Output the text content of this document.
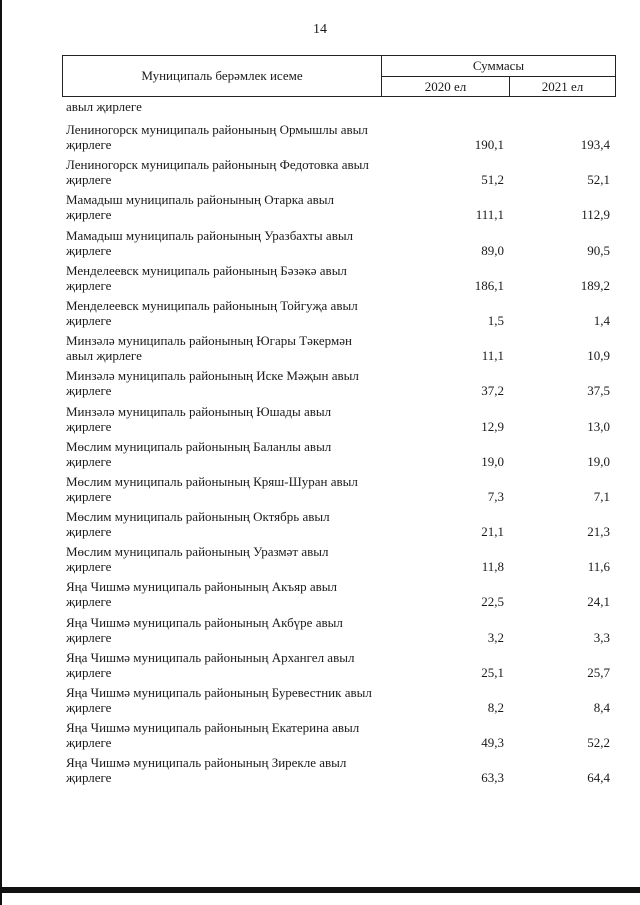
14
Муниципаль берәмлек исеме
Суммасы
2020 ел	2021 ел
авыл җирлеге
Лениногорск муниципаль районының Ормышлы авыл
җирлеге	190,1	193,4
Лениногорск муниципаль районының Федотовка авыл
җирлеге	51,2	52,1
Мамадыш муниципаль районының Отарка авыл
җирлеге	111,1	112,9
Мамадыш муниципаль районының Уразбахты авыл
җирлеге	89,0	90,5
Менделеевск муниципаль районының Бәзәкә авыл
җирлеге	186,1	189,2
Менделеевск муниципаль районының Тойгуҗа авыл
җирлеге	1,5	1,4
Минзәлә муниципаль районының Югары Тәкермән
авыл җирлеге	11,1	10,9
Минзәлә муниципаль районының Иске Мәҗын авыл
җирлеге	37,2	37,5
Минзәлә муниципаль районының Юшады авыл
җирлеге	12,9	13,0
Мөслим муниципаль районының Баланлы авыл
җирлеге	19,0	19,0
Мөслим муниципаль районының Кряш-Шуран авыл
җирлеге	7,3	7,1
Мөслим муниципаль районының Октябрь авыл
җирлеге	21,1	21,3
Мөслим муниципаль районының Уразмәт авыл
җирлеге	11,8	11,6
Яңа Чишмә муниципаль районының Акъяр авыл
җирлеге	22,5	24,1
Яңа Чишмә муниципаль районының Акбүре авыл
җирлеге	3,2	3,3
Яңа Чишмә муниципаль районының Архангел авыл
җирлеге	25,1	25,7
Яңа Чишмә муниципаль районының Буревестник авыл
җирлеге	8,2	8,4
Яңа Чишмә муниципаль районының Екатерина авыл
җирлеге	49,3	52,2
Яңа Чишмә муниципаль районының Зирекле авыл
җирлеге	63,3	64,4
